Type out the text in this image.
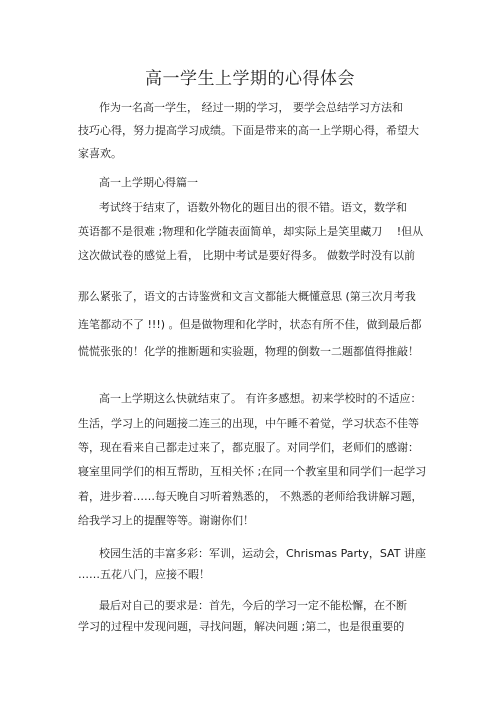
高一学生上学期的心得体会
作为一名高一学生， 经过一期的学习， 要学会总结学习方法和
技巧心得，努力提高学习成绩。下面是带来的高一上学期心得，希望大
家喜欢。
高一上学期心得篇一
考试终于结束了，语数外物化的题目出的很不错。语文，数学和
英语都不是很难 ;物理和化学随表面简单，却实际上是笑里藏刀　 !但从
这次做试卷的感觉上看， 比期中考试是要好得多。 做数学时没有以前
那么紧张了，语文的古诗鉴赏和文言文都能大概懂意思 (第三次月考我
连笔都动不了 !!!) 。但是做物理和化学时，状态有所不佳，做到最后都
慌慌张张的！化学的推断题和实验题，物理的倒数一二题都值得推敲！
高一上学期这么快就结束了。 有许多感想。初来学校时的不适应：
生活，学习上的问题接二连三的出现，中午睡不着觉，学习状态不佳等
等，现在看来自己都走过来了，都克服了。对同学们，老师们的感谢：
寝室里同学们的相互帮助，互相关怀 ;在同一个教室里和同学们一起学习
着，进步着……每天晚自习听着熟悉的， 不熟悉的老师给我讲解习题，
给我学习上的提醒等等。谢谢你们！
校园生活的丰富多彩：军训，运动会，Chrismas Party，SAT 讲座
……五花八门，应接不暇！
最后对自己的要求是：首先，今后的学习一定不能松懈，在不断
学习的过程中发现问题，寻找问题，解决问题 ;第二，也是很重要的
